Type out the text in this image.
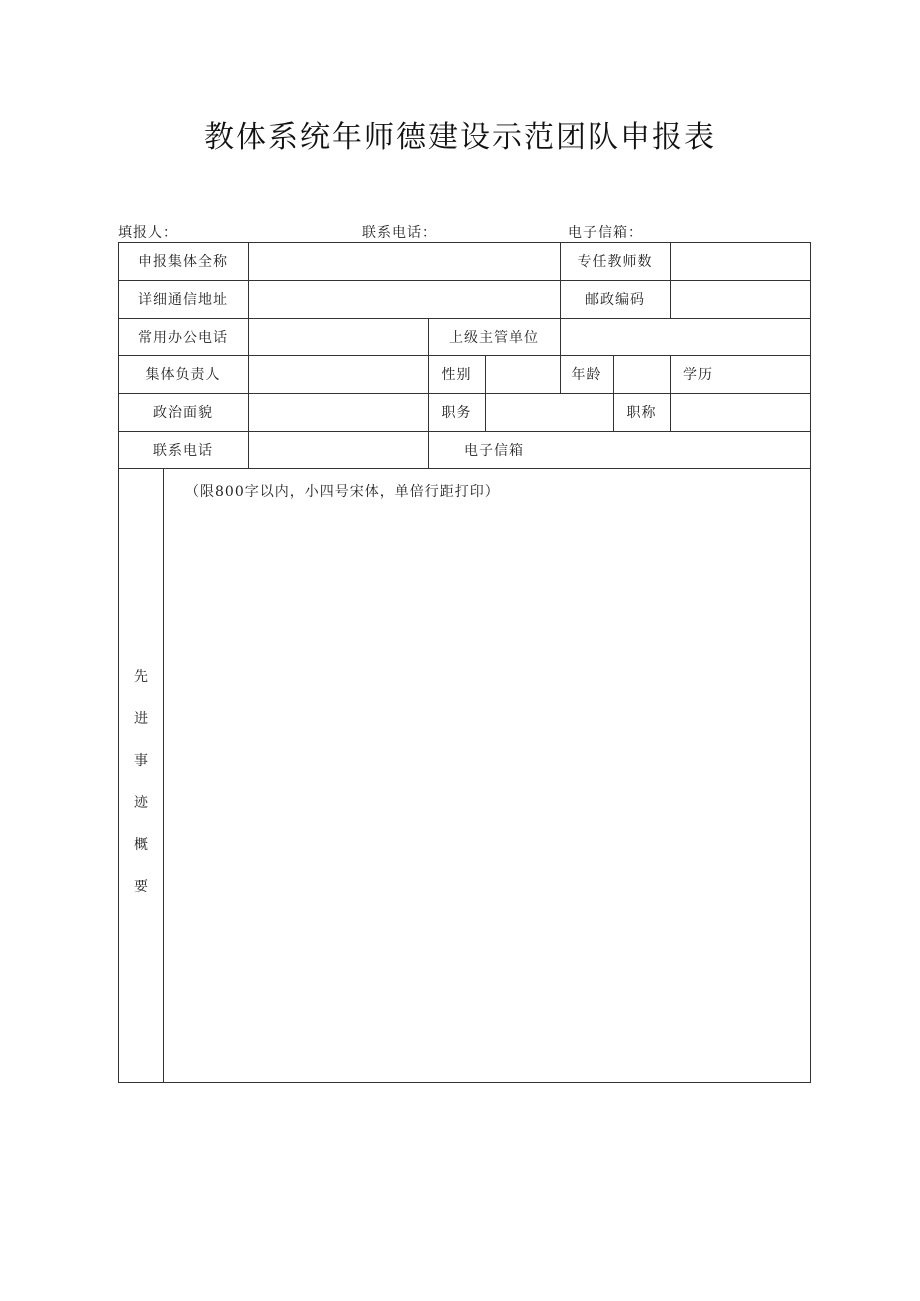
教体系统年师德建设示范团队申报表
填报人：	联系电话：	电子信箱：
申报集体全称	专任教师数
详细通信地址	邮政编码
常用办公电话	上级主管单位
集体负责人	性别	年龄	学历
政治面貌	职务	职称
联系电话	电子信箱
先
进
事
迹
概
要
（限800字以内，小四号宋体，单倍行距打印）
